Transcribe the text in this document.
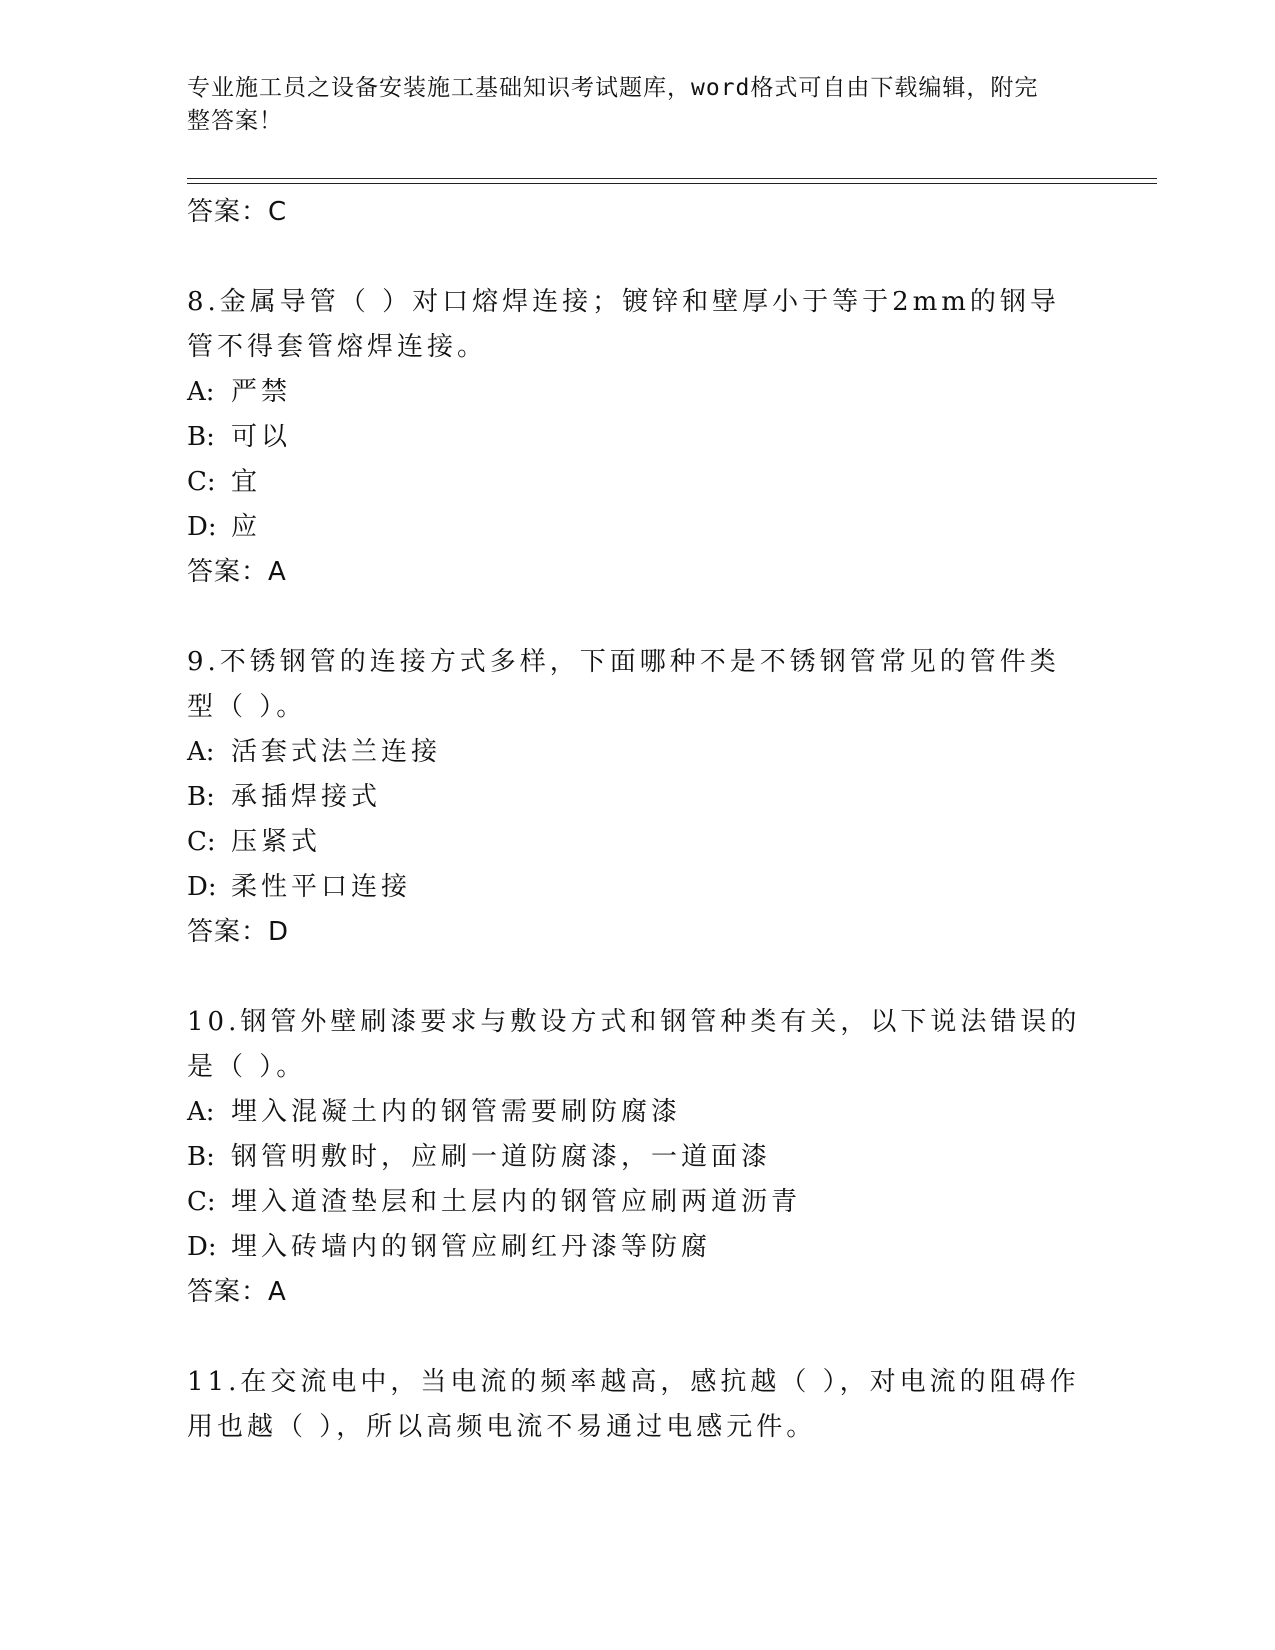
专业施工员之设备安装施工基础知识考试题库，word格式可自由下载编辑，附完整答案！
答案：C
8.金属导管（ ）对口熔焊连接；镀锌和壁厚小于等于2mm的钢导管不得套管熔焊连接。
A: 严禁
B: 可以
C: 宜
D: 应
答案：A
9.不锈钢管的连接方式多样，下面哪种不是不锈钢管常见的管件类型（ ）。
A: 活套式法兰连接
B: 承插焊接式
C: 压紧式
D: 柔性平口连接
答案：D
10.钢管外壁刷漆要求与敷设方式和钢管种类有关，以下说法错误的是（ ）。
A: 埋入混凝土内的钢管需要刷防腐漆
B: 钢管明敷时，应刷一道防腐漆，一道面漆
C: 埋入道渣垫层和土层内的钢管应刷两道沥青
D: 埋入砖墙内的钢管应刷红丹漆等防腐
答案：A
11.在交流电中，当电流的频率越高，感抗越（ ），对电流的阻碍作用也越（ ），所以高频电流不易通过电感元件。
